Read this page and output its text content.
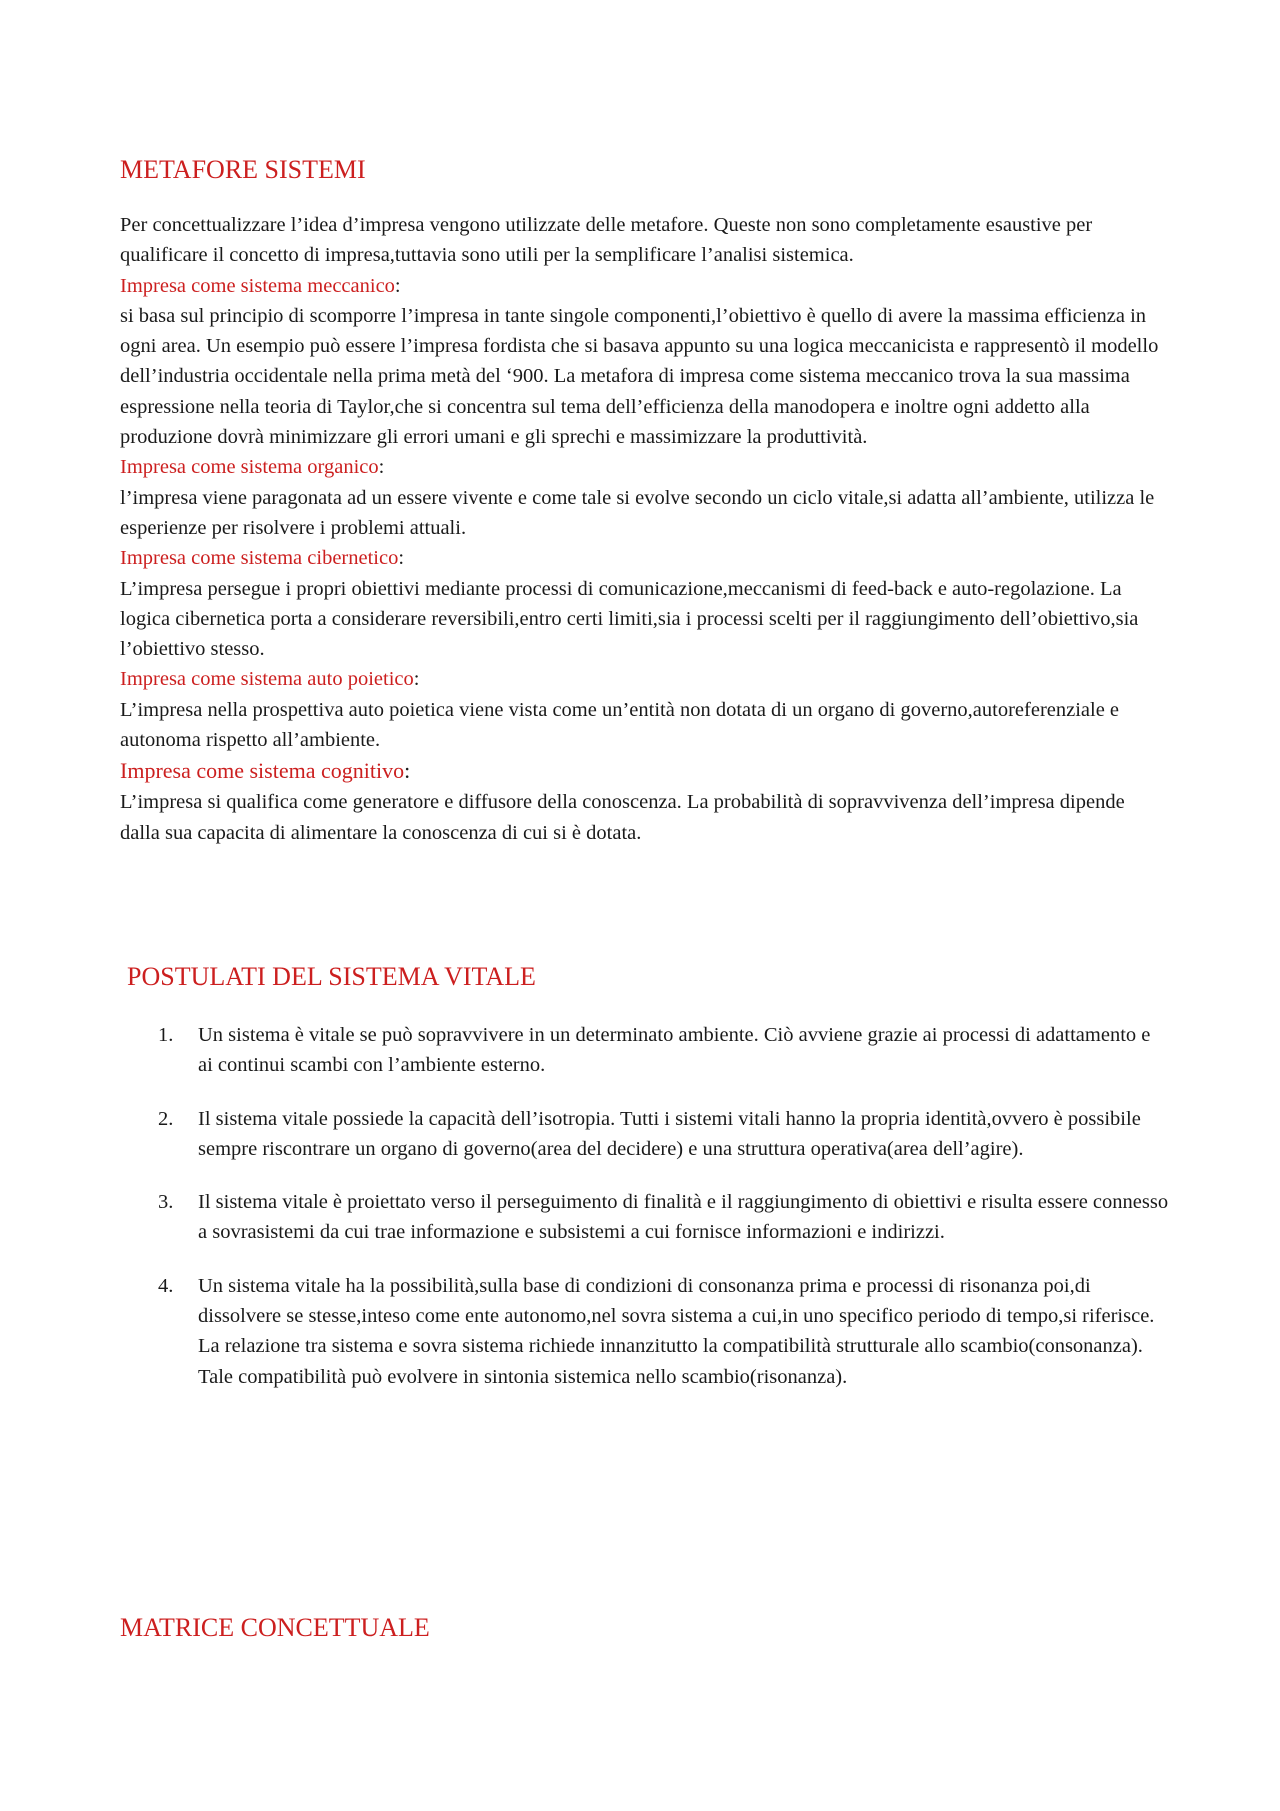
METAFORE SISTEMI

Per concettualizzare l’idea d’impresa vengono utilizzate delle metafore. Queste non sono completamente esaustive per qualificare il concetto di impresa,tuttavia sono utili per la semplificare l’analisi sistemica.

Impresa come sistema meccanico:

si basa sul principio di scomporre l’impresa in tante singole componenti,l’obiettivo è quello di avere la massima efficienza in ogni area. Un esempio può essere l’impresa fordista che si basava appunto su una logica meccanicista e rappresentò il modello dell’industria occidentale nella prima metà del ‘900. La metafora di impresa come sistema meccanico trova la sua massima espressione nella teoria di Taylor,che si concentra sul tema dell’efficienza della manodopera e inoltre ogni addetto alla produzione dovrà minimizzare gli errori umani e gli sprechi e massimizzare la produttività.

Impresa come sistema organico:

l’impresa viene paragonata ad un essere vivente e come tale si evolve secondo un ciclo vitale,si adatta all’ambiente, utilizza le esperienze per risolvere i problemi attuali.

Impresa come sistema cibernetico:

L’impresa persegue i propri obiettivi mediante processi di comunicazione,meccanismi di feed-back e auto-regolazione. La logica cibernetica porta a considerare reversibili,entro certi limiti,sia i processi scelti per il raggiungimento dell’obiettivo,sia l’obiettivo stesso.

Impresa come sistema auto poietico:

L’impresa nella prospettiva auto poietica viene vista come un’entità non dotata di un organo di governo,autoreferenziale e autonoma rispetto all’ambiente.

Impresa come sistema cognitivo:

L’impresa si qualifica come generatore e diffusore della conoscenza. La probabilità di sopravvivenza dell’impresa dipende dalla sua capacita di alimentare la conoscenza di cui si è dotata.

POSTULATI DEL SISTEMA VITALE
1.	Un sistema è vitale se può sopravvivere in un determinato ambiente. Ciò avviene grazie ai processi di adattamento e ai continui scambi con l’ambiente esterno.
2.	Il sistema vitale possiede la capacità dell’isotropia. Tutti i sistemi vitali hanno la propria identità,ovvero è possibile sempre riscontrare un organo di governo(area del decidere) e una struttura operativa(area dell’agire).
3.	Il sistema vitale è proiettato verso il perseguimento di finalità e il raggiungimento di obiettivi e risulta essere connesso a sovrasistemi da cui trae informazione e subsistemi a cui fornisce informazioni e indirizzi.
4.	Un sistema vitale ha la possibilità,sulla base di condizioni di consonanza prima e processi di risonanza poi,di dissolvere se stesse,inteso come ente autonomo,nel sovra sistema a cui,in uno specifico periodo di tempo,si riferisce. La relazione tra sistema e sovra sistema richiede innanzitutto la compatibilità strutturale allo scambio(consonanza). Tale compatibilità può evolvere in sintonia sistemica nello scambio(risonanza).
MATRICE CONCETTUALE
